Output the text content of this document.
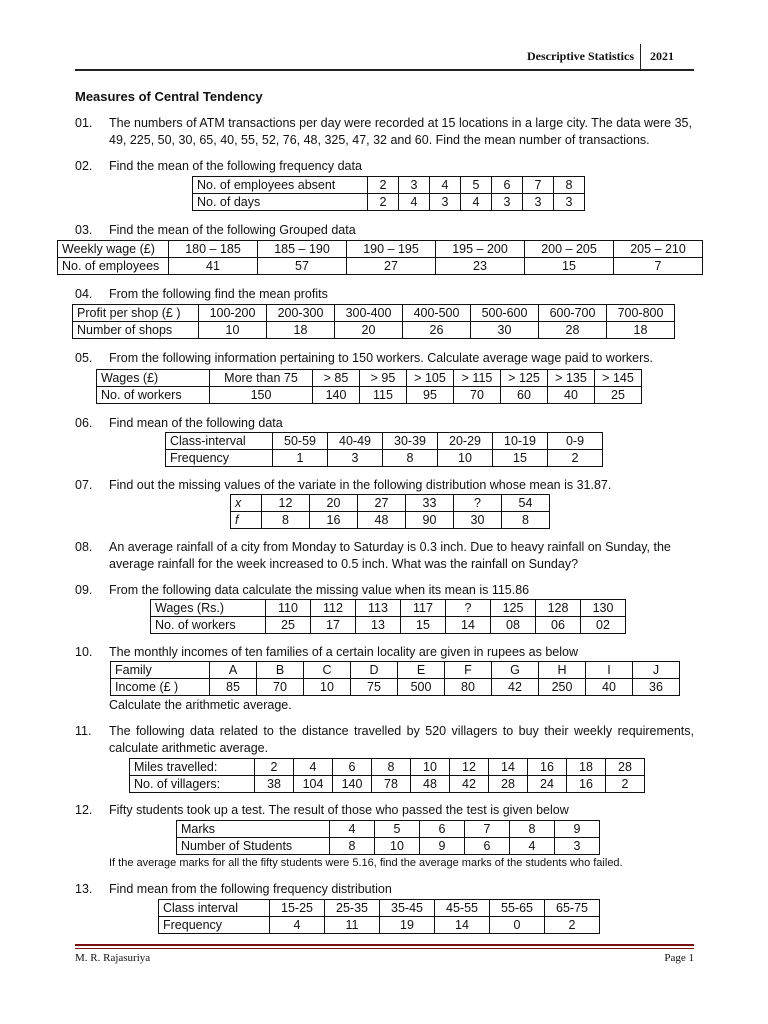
Descriptive Statistics 2021
Measures of Central Tendency
01. The numbers of ATM transactions per day were recorded at 15 locations in a large city. The data were 35, 49, 225, 50, 30, 65, 40, 55, 52, 76, 48, 325, 47, 32 and 60. Find the mean number of transactions.
02. Find the mean of the following frequency data
No. of employees absent	2	3	4	5	6	7	8
No. of days	2	4	3	4	3	3	3
03. Find the mean of the following Grouped data
Weekly wage (£)	180 – 185	185 – 190	190 – 195	195 – 200	200 – 205	205 – 210
No. of employees	41	57	27	23	15	7
04. From the following find the mean profits
Profit per shop (£ )	100-200	200-300	300-400	400-500	500-600	600-700	700-800
Number of shops	10	18	20	26	30	28	18
05. From the following information pertaining to 150 workers. Calculate average wage paid to workers.
Wages (£)	More than 75	> 85	> 95	> 105	> 115	> 125	> 135	> 145
No. of workers	150	140	115	95	70	60	40	25
06. Find mean of the following data
Class-interval	50-59	40-49	30-39	20-29	10-19	0-9
Frequency	1	3	8	10	15	2
07. Find out the missing values of the variate in the following distribution whose mean is 31.87.
x	12	20	27	33	?	54
f	8	16	48	90	30	8
08. An average rainfall of a city from Monday to Saturday is 0.3 inch. Due to heavy rainfall on Sunday, the average rainfall for the week increased to 0.5 inch. What was the rainfall on Sunday?
09. From the following data calculate the missing value when its mean is 115.86
Wages (Rs.)	110	112	113	117	?	125	128	130
No. of workers	25	17	13	15	14	08	06	02
10. The monthly incomes of ten families of a certain locality are given in rupees as below
Family	A	B	C	D	E	F	G	H	I	J
Income (£ )	85	70	10	75	500	80	42	250	40	36
Calculate the arithmetic average.
11. The following data related to the distance travelled by 520 villagers to buy their weekly requirements, calculate arithmetic average.
Miles travelled:	2	4	6	8	10	12	14	16	18	28
No. of villagers:	38	104	140	78	48	42	28	24	16	2
12. Fifty students took up a test. The result of those who passed the test is given below
Marks	4	5	6	7	8	9
Number of Students	8	10	9	6	4	3
If the average marks for all the fifty students were 5.16, find the average marks of the students who failed.
13. Find mean from the following frequency distribution
Class interval	15-25	25-35	35-45	45-55	55-65	65-75
Frequency	4	11	19	14	0	2
M. R. Rajasuriya	Page 1
